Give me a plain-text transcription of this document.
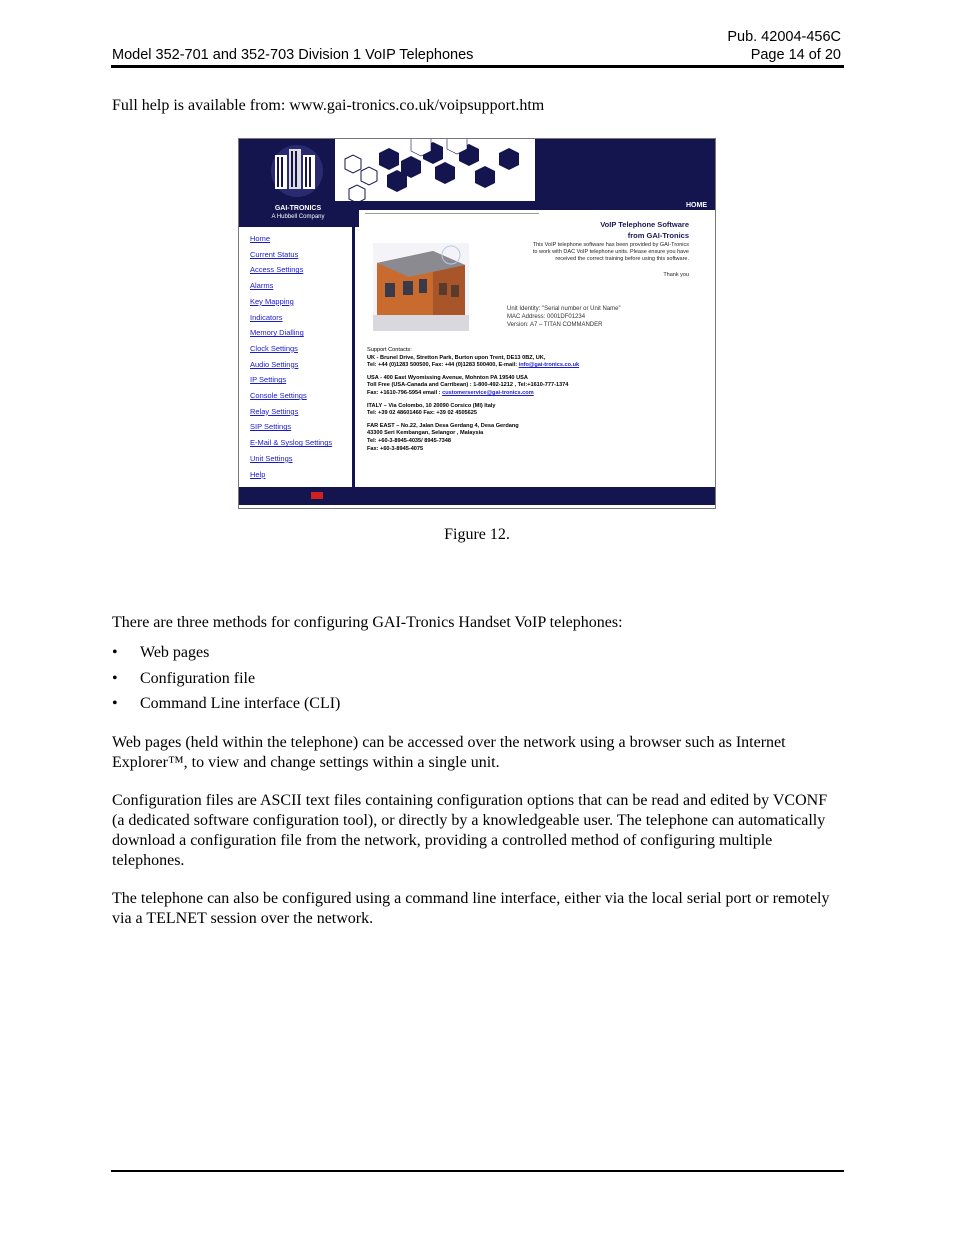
Pub. 42004-456C
Page 14 of 20
Model 352-701 and 352-703 Division 1 VoIP Telephones

Full help is available from: www.gai-tronics.co.uk/voipsupport.htm

GAI-TRONICS
A Hubbell Company
HOME
Home
Current Status
Access Settings
Alarms
Key Mapping
Indicators
Memory Dialling
Clock Settings
Audio Settings
IP Settings
Console Settings
Relay Settings
SIP Settings
E-Mail & Syslog Settings
Unit Settings
Help
VoIP Telephone Software
from GAI-Tronics
This VoIP telephone software has been provided by GAI-Tronics to work with DAC VoIP telephone units. Please ensure you have received the correct training before using this software.
Thank you
Unit Identity: "Serial number or Unit Name"
MAC Address: 0001DF01234
Version: A7 – TITAN COMMANDER
Support Contacts:
UK - Brunel Drive, Stretton Park, Burton upon Trent, DE13 0BZ, UK,
Tel: +44 (0)1283 500500, Fax: +44 (0)1283 500400, E-mail: info@gai-tronics.co.uk
USA - 400 East Wyomissing Avenue, Mohnton PA 19540 USA
Toll Free (USA-Canada and Carribean) : 1-800-492-1212 , Tel:+1610-777-1374
Fax: +1610-796-5954 email : customerservice@gai-tronics.com
ITALY – Via Colombo, 10 20090 Corsico (MI) Italy
Tel: +39 02 48601460 Fax: +39 02 4505625
FAR EAST – No.22, Jalan Desa Gerdang 4, Desa Gerdang
43300 Seri Kembangan, Selangor , Malaysia
Tel: +60-3-8945-4035/ 8945-7348
Fax: +60-3-8945-4075
Figure 12.

There are three methods for configuring GAI-Tronics Handset VoIP telephones:

• Web pages
• Configuration file
• Command Line interface (CLI)

Web pages (held within the telephone) can be accessed over the network using a browser such as Internet Explorer™, to view and change settings within a single unit.

Configuration files are ASCII text files containing configuration options that can be read and edited by VCONF (a dedicated software configuration tool), or directly by a knowledgeable user. The telephone can automatically download a configuration file from the network, providing a controlled method of configuring multiple telephones.

The telephone can also be configured using a command line interface, either via the local serial port or remotely via a TELNET session over the network.
